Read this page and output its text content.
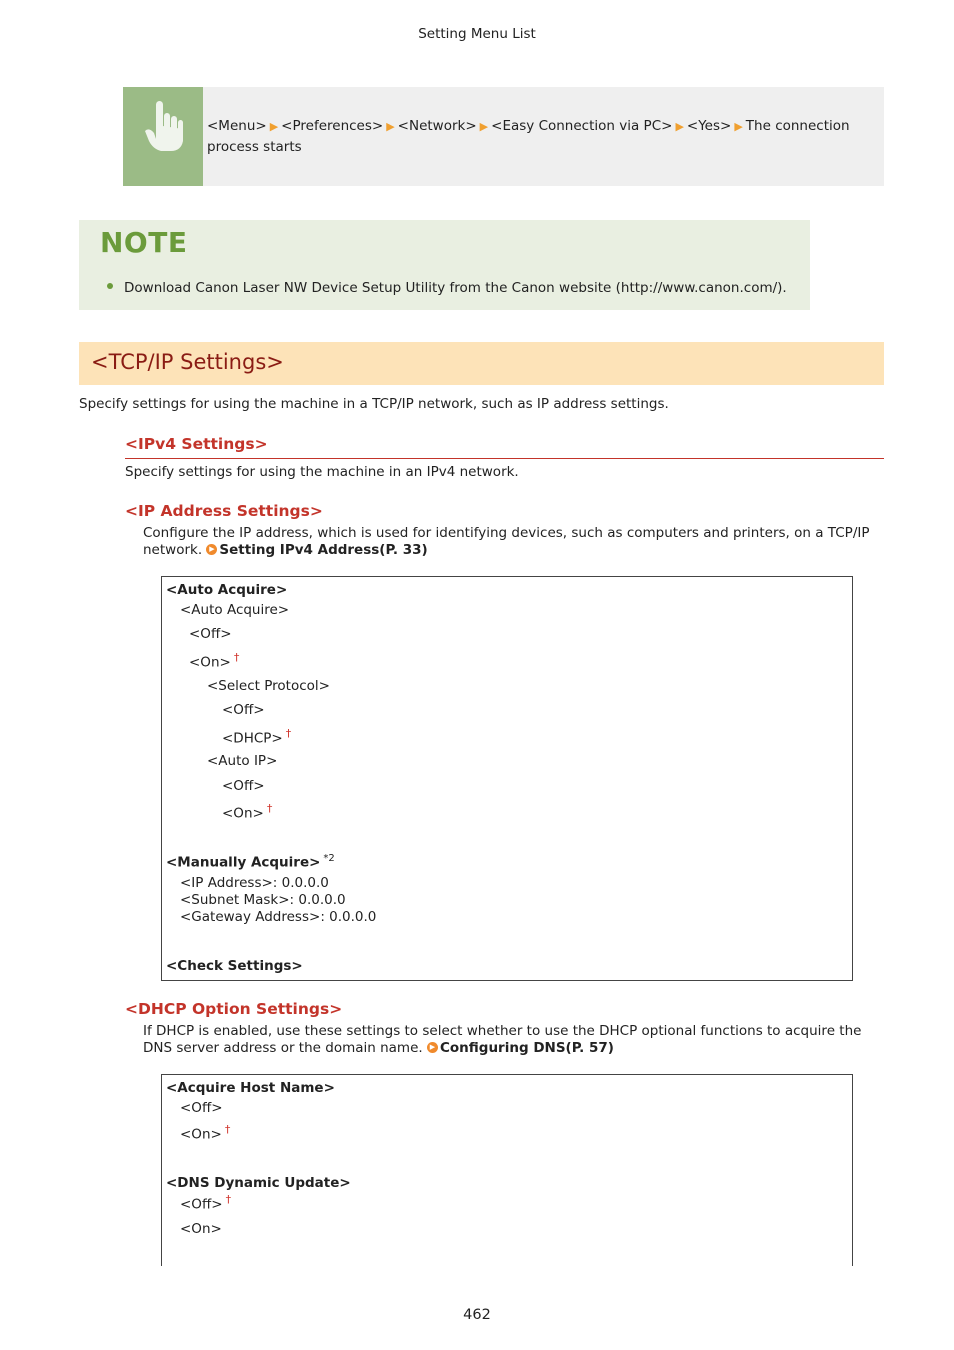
Setting Menu List
<Menu> ▶ <Preferences> ▶ <Network> ▶ <Easy Connection via PC> ▶ <Yes> ▶ The connection
process starts
NOTE
Download Canon Laser NW Device Setup Utility from the Canon website (http://www.canon.com/).
<TCP/IP Settings>
Specify settings for using the machine in a TCP/IP network, such as IP address settings.
<IPv4 Settings>
Specify settings for using the machine in an IPv4 network.
<IP Address Settings>
Configure the IP address, which is used for identifying devices, such as computers and printers, on a TCP/IP
network. ▶ Setting IPv4 Address(P. 33)
<Auto Acquire>
<Auto Acquire>
<Off>
<On> †
<Select Protocol>
<Off>
<DHCP> †
<Auto IP>
<Off>
<On> †
<Manually Acquire> $^{*2}$
<IP Address>: 0.0.0.0
<Subnet Mask>: 0.0.0.0
<Gateway Address>: 0.0.0.0
<Check Settings>
<DHCP Option Settings>
If DHCP is enabled, use these settings to select whether to use the DHCP optional functions to acquire the
DNS server address or the domain name. ▶ Configuring DNS(P. 57)
<Acquire Host Name>
<Off>
<On> †
<DNS Dynamic Update>
<Off> †
<On>
462
